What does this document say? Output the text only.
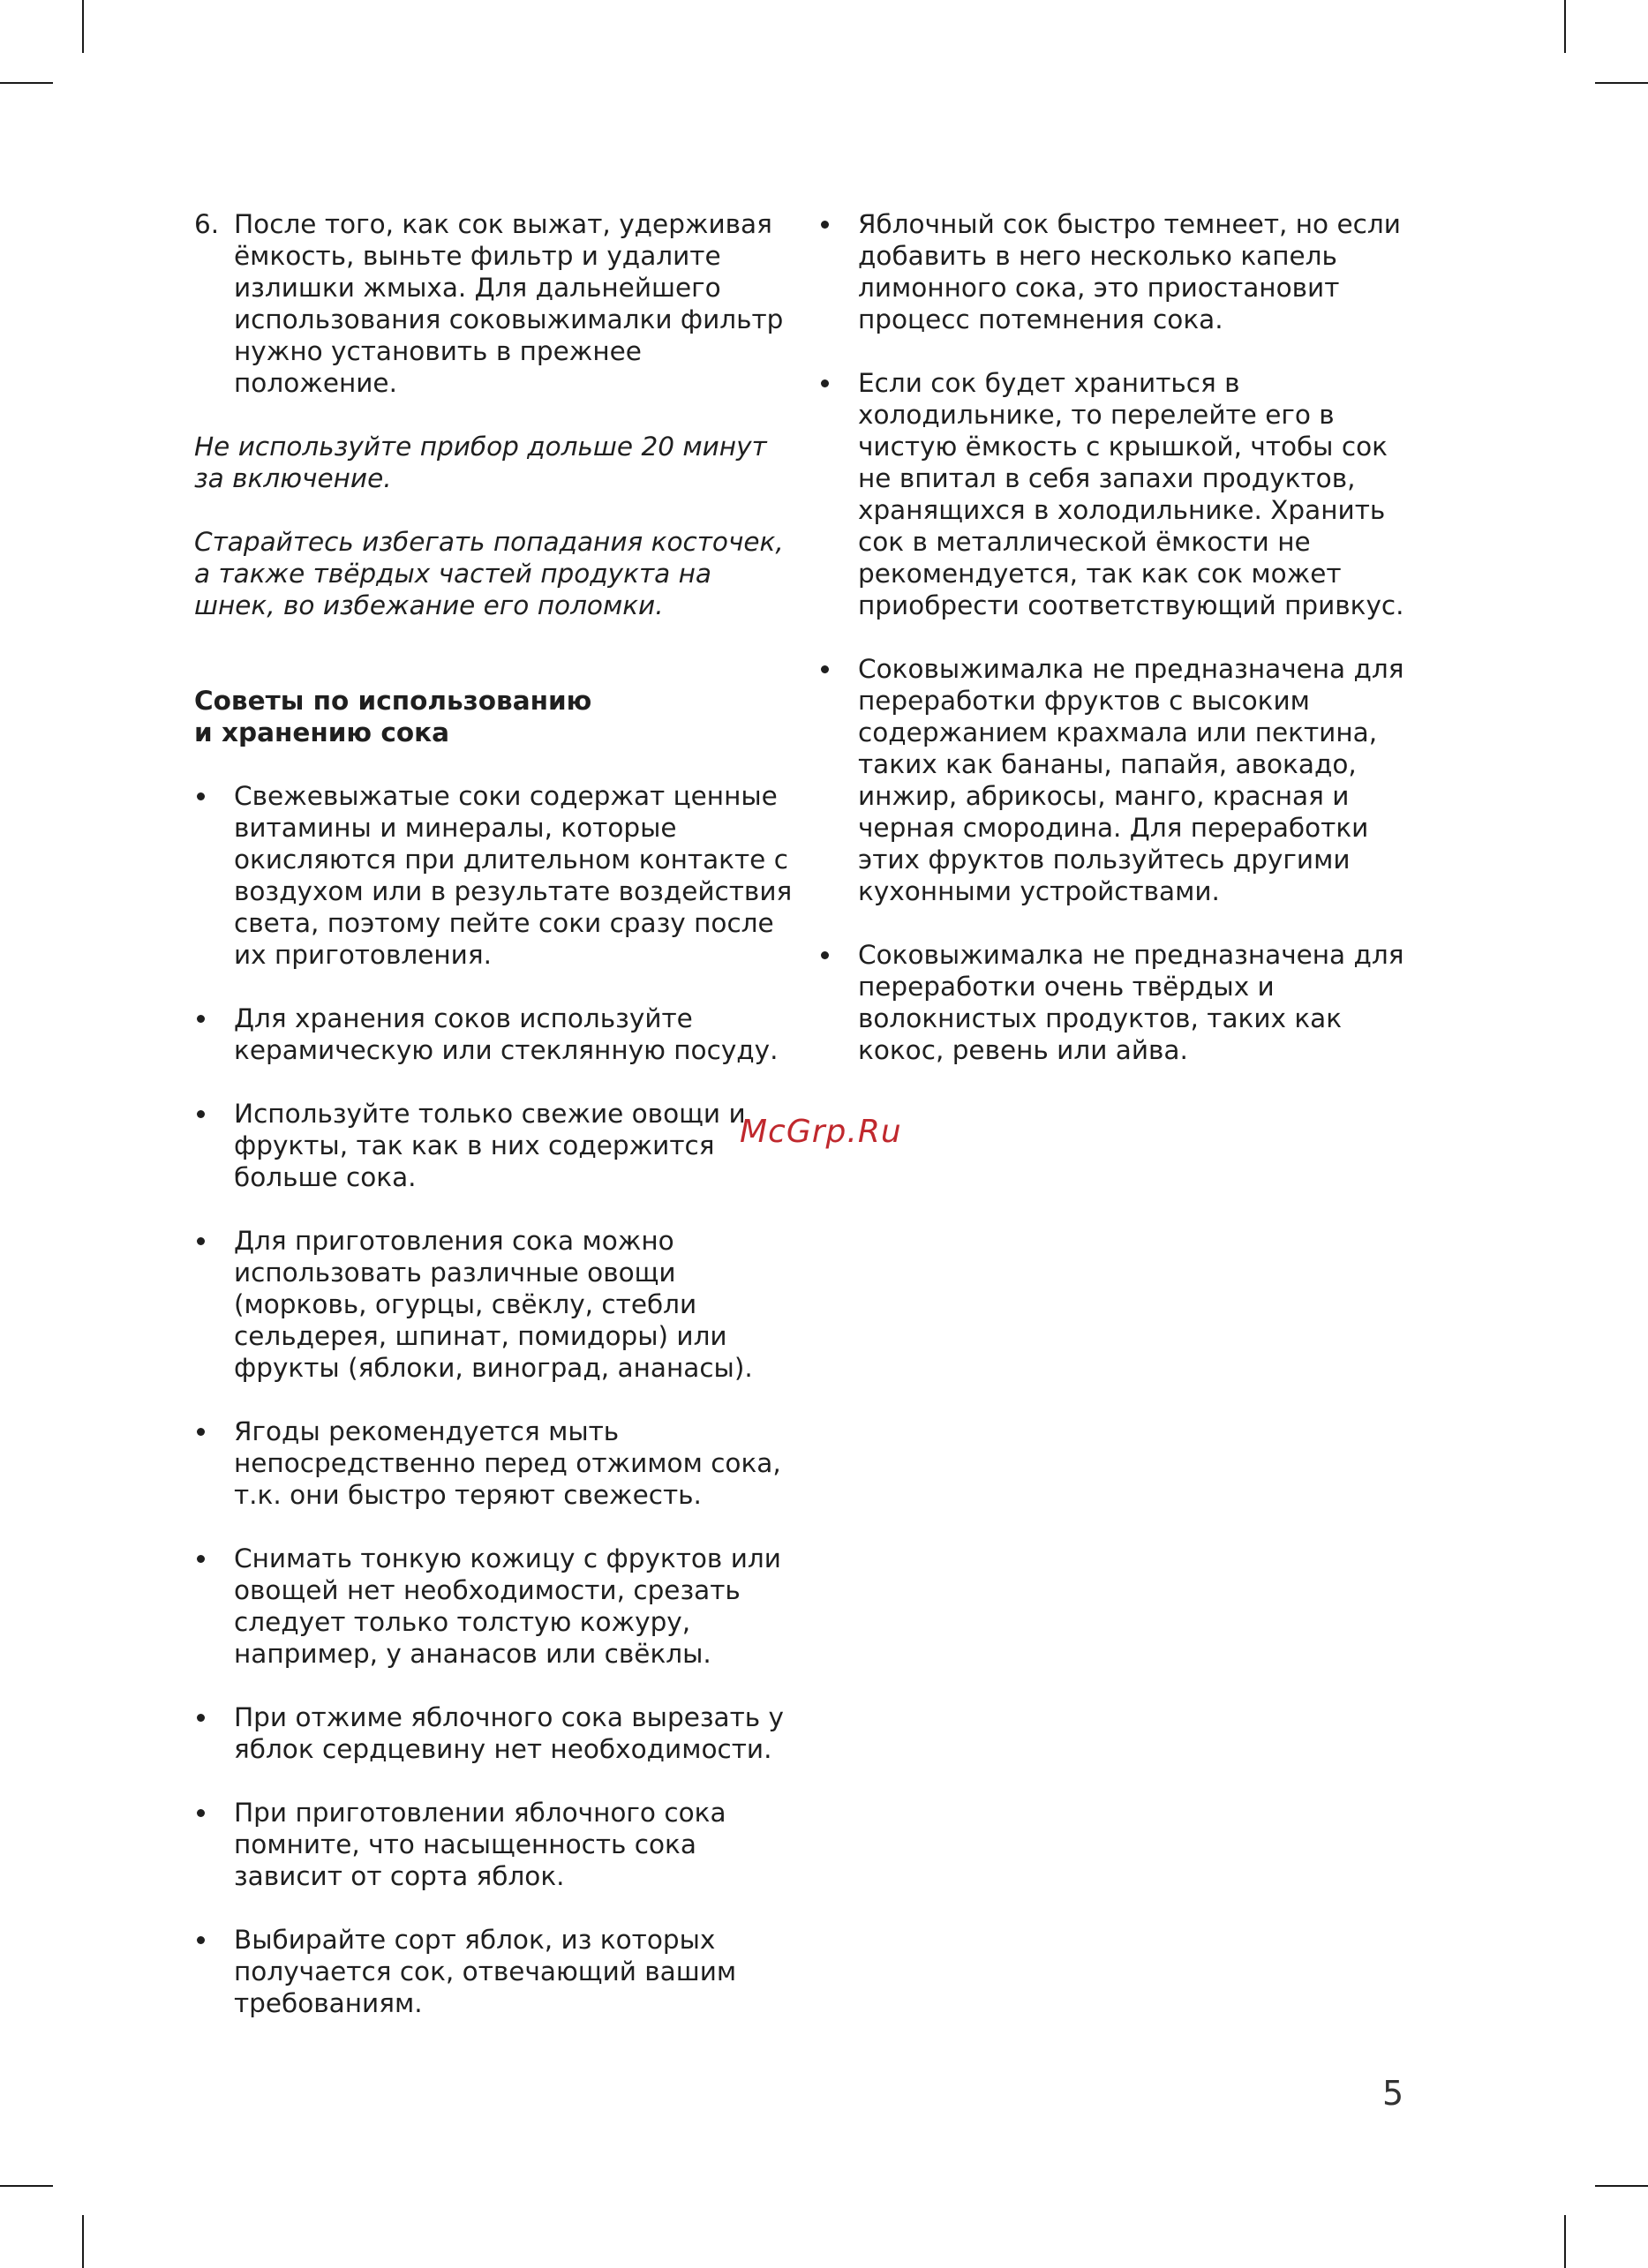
6. После того, как сок выжат, удерживая ёмкость, выньте фильтр и удалите излишки жмыха. Для дальнейшего использования соковыжималки фильтр нужно установить в прежнее положение.

Не используйте прибор дольше 20 минут за включение.

Старайтесь избегать попадания косточек, а также твёрдых частей продукта на шнек, во избежание его поломки.

Советы по использованию
и хранению сока
Свежевыжатые соки содержат ценные витамины и минералы, которые окисляются при длительном контакте с воздухом или в результате воздействия света, поэтому пейте соки сразу после их приготовления.
Для хранения соков используйте керамическую или стеклянную посуду.
Используйте только свежие овощи и фрукты, так как в них содержится больше сока.
Для приготовления сока можно использовать различные овощи (морковь, огурцы, свёклу, стебли сельдерея, шпинат, помидоры) или фрукты (яблоки, виноград, ананасы).
Ягоды рекомендуется мыть непосредственно перед отжимом сока, т.к. они быстро теряют свежесть.
Снимать тонкую кожицу с фруктов или овощей нет необходимости, срезать следует только толстую кожуру, например, у ананасов или свёклы.
При отжиме яблочного сока вырезать у яблок сердцевину нет необходимости.
При приготовлении яблочного сока помните, что насыщенность сока зависит от сорта яблок.
Выбирайте сорт яблок, из которых получается сок, отвечающий вашим требованиям.
Яблочный сок быстро темнеет, но если добавить в него несколько капель лимонного сока, это приостановит процесс потемнения сока.
Если сок будет храниться в холодильнике, то перелейте его в чистую ёмкость с крышкой, чтобы сок не впитал в себя запахи продуктов, хранящихся в холодильнике. Хранить сок в металлической ёмкости не рекомендуется, так как сок может приобрести соответствующий привкус.
Соковыжималка не предназначена для переработки фруктов с высоким содержанием крахмала или пектина, таких как бананы, папайя, авокадо, инжир, абрикосы, манго, красная и черная смородина. Для переработки этих фруктов пользуйтесь другими кухонными устройствами.
Соковыжималка не предназначена для переработки очень твёрдых и волокнистых продуктов, таких как кокос, ревень или айва.
McGrp.Ru
5
